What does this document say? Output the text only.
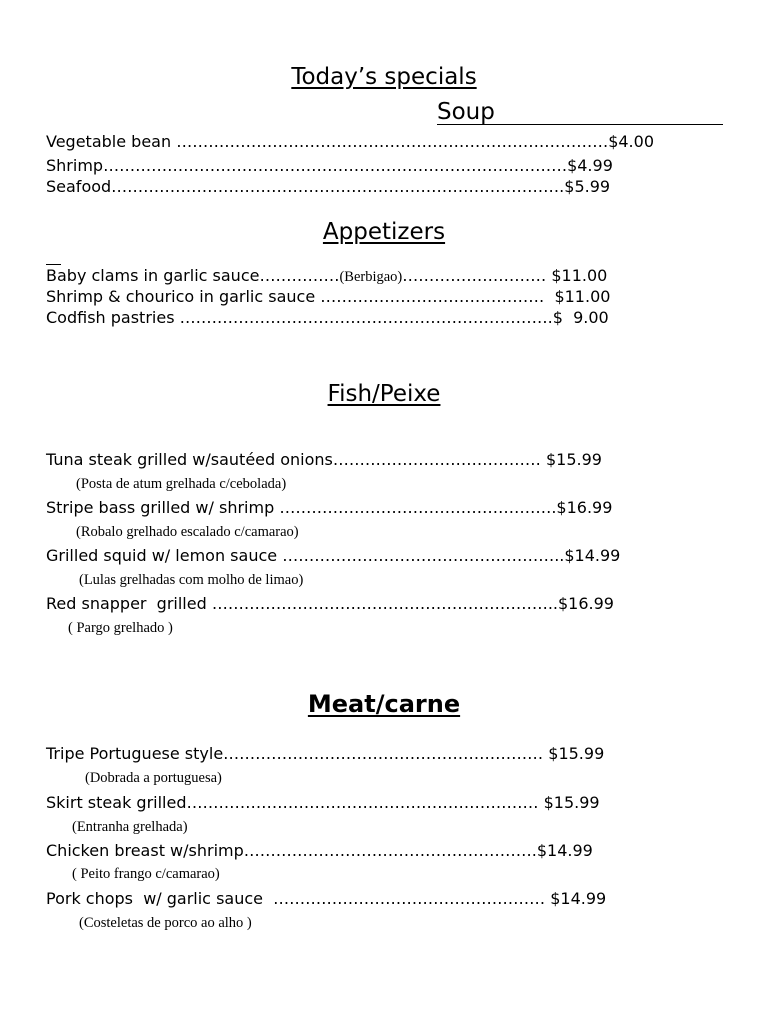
Today’s specials
Soup
Vegetable bean ………………………………………………………………………$4.00
Shrimp……………………………………………………………………………$4.99
Seafood………………………………………………………………………….$5.99
Appetizers
Baby clams in garlic sauce……………(Berbigao)……………………… $11.00
Shrimp & chourico in garlic sauce ……………………………………  $11.00
Codfish pastries …………………………………………………………….$  9.00
Fish/Peixe
Tuna steak grilled w/sautéed onions………………………………… $15.99
(Posta de atum grelhada c/cebolada)
Stripe bass grilled w/ shrimp …………………………………………….$16.99
(Robalo grelhado escalado c/camarao)
Grilled squid w/ lemon sauce ……………………………………………..$14.99
(Lulas grelhadas com molho de limao)
Red snapper  grilled ………………………………………………………..$16.99
( Pargo grelhado )
Meat/carne
Tripe Portuguese style…………………………………………………… $15.99
(Dobrada a portuguesa)
Skirt steak grilled………………………………………………………… $15.99
(Entranha grelhada)
Chicken breast w/shrimp……………………………………………….$14.99
( Peito frango c/camarao)
Pork chops  w/ garlic sauce  …………………………………………… $14.99
(Costeletas de porco ao alho )
